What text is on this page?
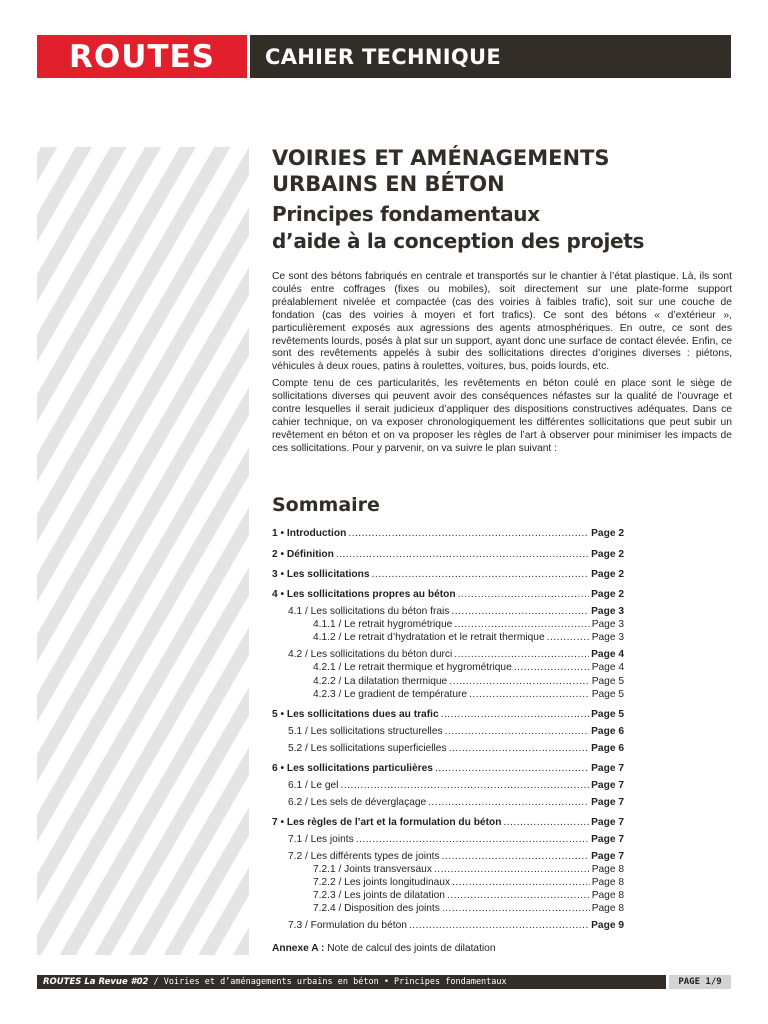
ROUTES	CAHIER TECHNIQUE
VOIRIES ET AMÉNAGEMENTS
URBAINS EN BÉTON
Principes fondamentaux
d’aide à la conception des projets

Ce sont des bétons fabriqués en centrale et transportés sur le chantier à l’état plastique. Là, ils sont coulés entre coffrages (fixes ou mobiles), soit directement sur une plate-forme support préalablement nivelée et compactée (cas des voiries à faibles trafic), soit sur une couche de fondation (cas des voiries à moyen et fort trafics). Ce sont des bétons « d’extérieur », particulièrement exposés aux agressions des agents atmosphériques. En outre, ce sont des revêtements lourds, posés à plat sur un support, ayant donc une surface de contact élevée. Enfin, ce sont des revêtements appelés à subir des sollicitations directes d’origines diverses : piétons, véhicules à deux roues, patins à roulettes, voitures, bus, poids lourds, etc.

Compte tenu de ces particularités, les revêtements en béton coulé en place sont le siège de sollicitations diverses qui peuvent avoir des conséquences néfastes sur la qualité de l’ouvrage et contre lesquelles il serait judicieux d’appliquer des dispositions constructives adéquates. Dans ce cahier technique, on va exposer chronologiquement les différentes sollicitations que peut subir un revêtement en béton et on va proposer les règles de l’art à observer pour minimiser les impacts de ces sollicitations. Pour y parvenir, on va suivre le plan suivant :

Sommaire
1 • Introduction .....	Page 2
2 • Définition .....	Page 2
3 • Les sollicitations .....	Page 2
4 • Les sollicitations propres au béton .....	Page 2
4.1 / Les sollicitations du béton frais .....	Page 3
4.1.1 / Le retrait hygrométrique .....	Page 3
4.1.2 / Le retrait d’hydratation et le retrait thermique .....	Page 3
4.2 / Les sollicitations du béton durci .....	Page 4
4.2.1 / Le retrait thermique et hygrométrique .....	Page 4
4.2.2 / La dilatation thermique .....	Page 5
4.2.3 / Le gradient de température .....	Page 5
5 • Les sollicitations dues au trafic .....	Page 5
5.1 / Les sollicitations structurelles .....	Page 6
5.2 / Les sollicitations superficielles .....	Page 6
6 • Les sollicitations particulières .....	Page 7
6.1 / Le gel .....	Page 7
6.2 / Les sels de déverglaçage .....	Page 7
7 • Les règles de l’art et la formulation du béton .....	Page 7
7.1 / Les joints .....	Page 7
7.2 / Les différents types de joints .....	Page 7
7.2.1 / Joints transversaux .....	Page 8
7.2.2 / Les joints longitudinaux .....	Page 8
7.2.3 / Les joints de dilatation .....	Page 8
7.2.4 / Disposition des joints .....	Page 8
7.3 / Formulation du béton .....	Page 9
Annexe A : Note de calcul des joints de dilatation
ROUTES La Revue #02 / Voiries et d’aménagements urbains en béton • Principes fondamentaux	PAGE 1/9
